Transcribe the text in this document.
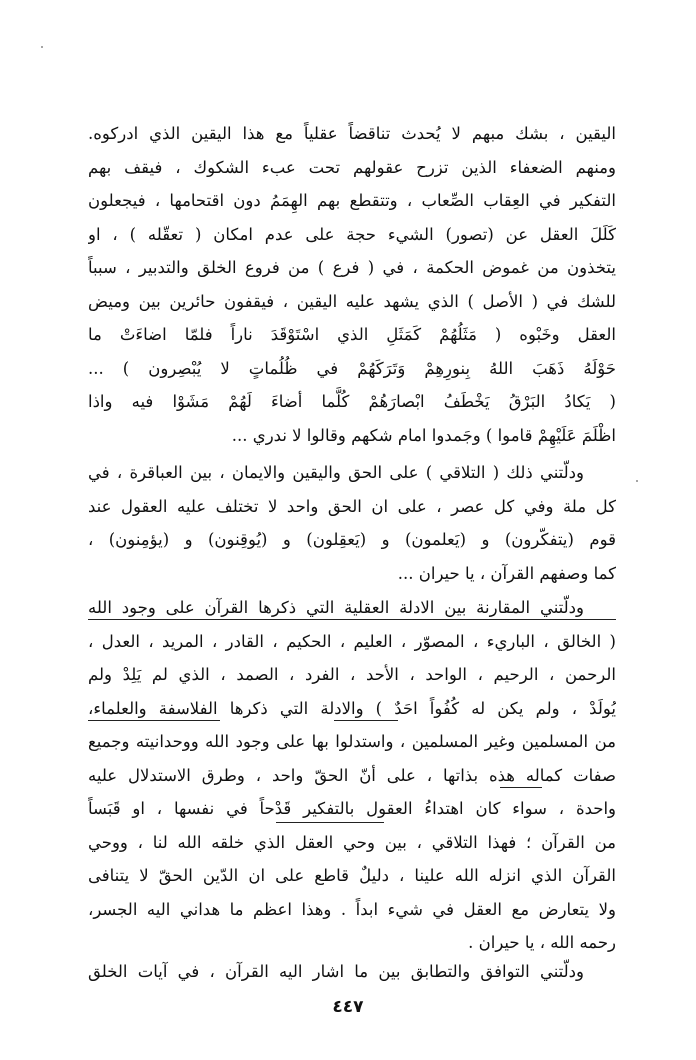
اليقين ، بشك مبهم لا يُحدث تناقضاً عقلياً مع هذا اليقين الذي ادركوه.
ومنهم الضعفاء الذين تزرح عقولهم تحت عبء الشكوك ، فيقف بهم
التفكير في العِقاب الصِّعاب ، وتتقطع بهم الهِمَمُ دون اقتحامها ، فيجعلون
كَلَلَ العقل عن (تصور) الشيء حجة على عدم امكان ( تعقّله ) ، او
يتخذون من غموض الحكمة ، في ( فرع ) من فروع الخلق والتدبير ، سبباً
للشك في ( الأصل ) الذي يشهد عليه اليقين ، فيقفون حائرين بين وميض
العقل وخَبْوه ( مَثَلُهُمْ كَمَثَلِ الذي اسْتَوْقَدَ ناراً فلمّا اضاءَتْ ما
حَوْلَهُ ذَهَبَ اللهُ بِنورِهِمْ وَتَرَكَهُمْ في ظُلُماتٍ لا يُبْصِرون ) ...
( يَكادُ البَرْقُ يَخْطَفُ ابْصارَهُمْ كُلَّما أضاءَ لَهُمْ مَشَوْا فيه واذا
اظْلَمَ عَلَيْهِمْ قاموا ) وجَمدوا امام شكهم وقالوا لا ندري ...
ودلّتني ذلك ( التلاقي ) على الحق واليقين والايمان ، بين العباقرة ، في
كل ملة وفي كل عصر ، على ان الحق واحد لا تختلف عليه العقول عند
قوم (يتفكّرون) و (يَعلمون) و (يَعقِلون) و (يُوقِنون) و (يؤمِنون) ،
كما وصفهم القرآن ، يا حيران ...
ودلّتني المقارنة بين الادلة العقلية التي ذكرها القرآن على وجود الله
( الخالق ، الباريء ، المصوّر ، العليم ، الحكيم ، القادر ، المريد ، العدل ،
الرحمن ، الرحيم ، الواحد ، الأحد ، الفرد ، الصمد ، الذي لم يَلِدْ ولم
يُولَدْ ، ولم يكن له كُفُواً احَدٌ ) والادلة التي ذكرها الفلاسفة والعلماء،
من المسلمين وغير المسلمين ، واستدلوا بها على وجود الله ووحدانيته وجميع
صفات كماله هذه بذاتها ، على أنّ الحقّ واحد ، وطرق الاستدلال عليه
واحدة ، سواء كان اهتداءُ العقول بالتفكير قَدْحاً في نفسها ، او قَبَساً
من القرآن ؛ فهذا التلاقي ، بين وحي العقل الذي خلقه الله لنا ، ووحي
القرآن الذي انزله الله علينا ، دليلٌ قاطع على ان الدّين الحقّ لا يتنافى
ولا يتعارض مع العقل في شيء ابداً . وهذا اعظم ما هداني اليه الجسر،
رحمه الله ، يا حيران .
ودلّتني التوافق والتطابق بين ما اشار اليه القرآن ، في آيات الخلق
٤٤٧
